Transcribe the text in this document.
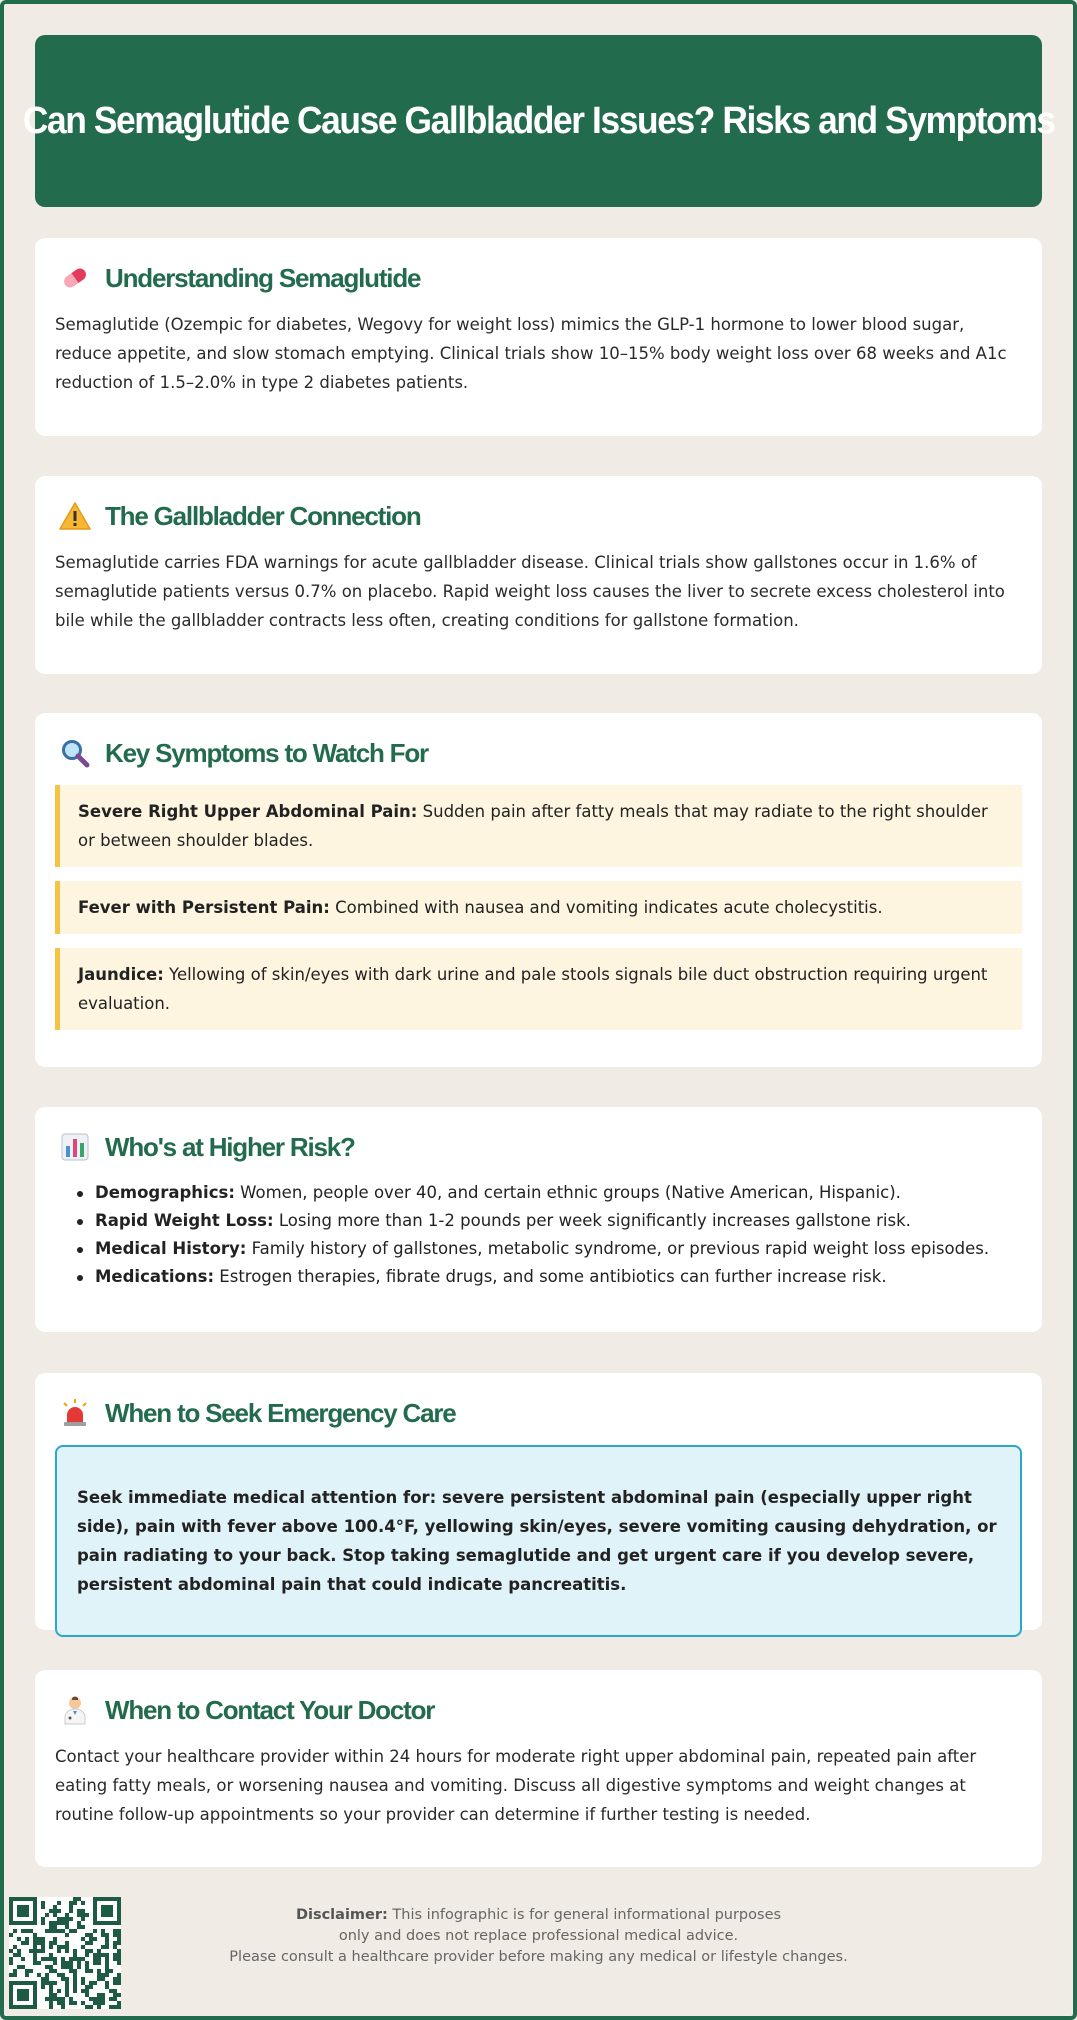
Can Semaglutide Cause Gallbladder Issues? Risks and Symptoms
Understanding Semaglutide

Semaglutide (Ozempic for diabetes, Wegovy for weight loss) mimics the GLP-1 hormone to lower blood sugar, reduce appetite, and slow stomach emptying. Clinical trials show 10–15% body weight loss over 68 weeks and A1c reduction of 1.5–2.0% in type 2 diabetes patients.

The Gallbladder Connection

Semaglutide carries FDA warnings for acute gallbladder disease. Clinical trials show gallstones occur in 1.6% of semaglutide patients versus 0.7% on placebo. Rapid weight loss causes the liver to secrete excess cholesterol into bile while the gallbladder contracts less often, creating conditions for gallstone formation.

Key Symptoms to Watch For
Severe Right Upper Abdominal Pain: Sudden pain after fatty meals that may radiate to the right shoulder or between shoulder blades.
Fever with Persistent Pain: Combined with nausea and vomiting indicates acute cholecystitis.
Jaundice: Yellowing of skin/eyes with dark urine and pale stools signals bile duct obstruction requiring urgent evaluation.
Who's at Higher Risk?
Demographics: Women, people over 40, and certain ethnic groups (Native American, Hispanic).
Rapid Weight Loss: Losing more than 1-2 pounds per week significantly increases gallstone risk.
Medical History: Family history of gallstones, metabolic syndrome, or previous rapid weight loss episodes.
Medications: Estrogen therapies, fibrate drugs, and some antibiotics can further increase risk.
When to Seek Emergency Care
Seek immediate medical attention for: severe persistent abdominal pain (especially upper right side), pain with fever above 100.4°F, yellowing skin/eyes, severe vomiting causing dehydration, or pain radiating to your back. Stop taking semaglutide and get urgent care if you develop severe, persistent abdominal pain that could indicate pancreatitis.
When to Contact Your Doctor

Contact your healthcare provider within 24 hours for moderate right upper abdominal pain, repeated pain after eating fatty meals, or worsening nausea and vomiting. Discuss all digestive symptoms and weight changes at routine follow-up appointments so your provider can determine if further testing is needed.

Disclaimer: This infographic is for general informational purposes
only and does not replace professional medical advice.
Please consult a healthcare provider before making any medical or lifestyle changes.
